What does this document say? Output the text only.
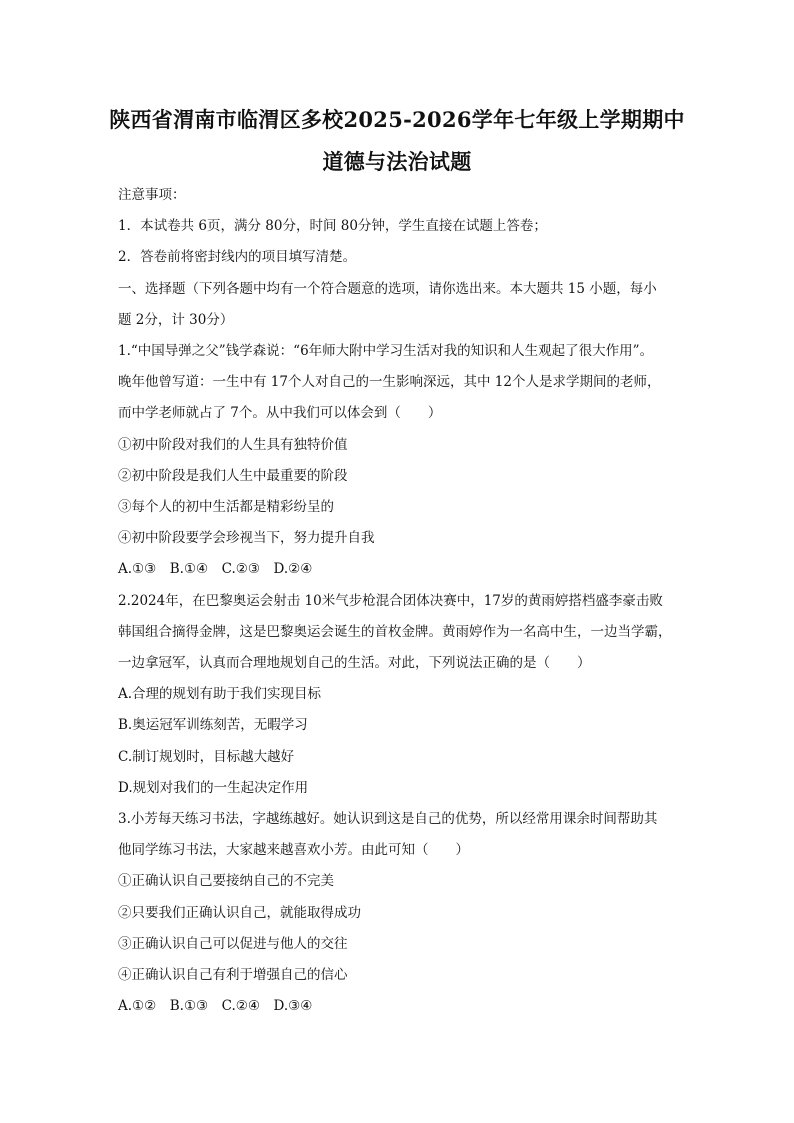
陕西省渭南市临渭区多校2025-2026学年七年级上学期期中
道德与法治试题
注意事项：
1．本试卷共 6页，满分 80分，时间 80分钟，学生直接在试题上答卷；
2．答卷前将密封线内的项目填写清楚。
一、选择题（下列各题中均有一个符合题意的选项，请你选出来。本大题共 15 小题，每小
题 2分，计 30分）
1.“中国导弹之父”钱学森说：“6年师大附中学习生活对我的知识和人生观起了很大作用”。
晚年他曾写道：一生中有 17个人对自己的一生影响深远，其中 12个人是求学期间的老师，
而中学老师就占了 7个。从中我们可以体会到（　　）
①初中阶段对我们的人生具有独特价值
②初中阶段是我们人生中最重要的阶段
③每个人的初中生活都是精彩纷呈的
④初中阶段要学会珍视当下，努力提升自我
A.①③　B.①④　C.②③　D.②④
2.2024年，在巴黎奥运会射击 10米气步枪混合团体决赛中，17岁的黄雨婷搭档盛李豪击败
韩国组合摘得金牌，这是巴黎奥运会诞生的首枚金牌。黄雨婷作为一名高中生，一边当学霸，
一边拿冠军，认真而合理地规划自己的生活。对此，下列说法正确的是（　　）
A.合理的规划有助于我们实现目标
B.奥运冠军训练刻苦，无暇学习
C.制订规划时，目标越大越好
D.规划对我们的一生起决定作用
3.小芳每天练习书法，字越练越好。她认识到这是自己的优势，所以经常用课余时间帮助其
他同学练习书法，大家越来越喜欢小芳。由此可知（　　）
①正确认识自己要接纳自己的不完美
②只要我们正确认识自己，就能取得成功
③正确认识自己可以促进与他人的交往
④正确认识自己有利于增强自己的信心
A.①②　B.①③　C.②④　D.③④
